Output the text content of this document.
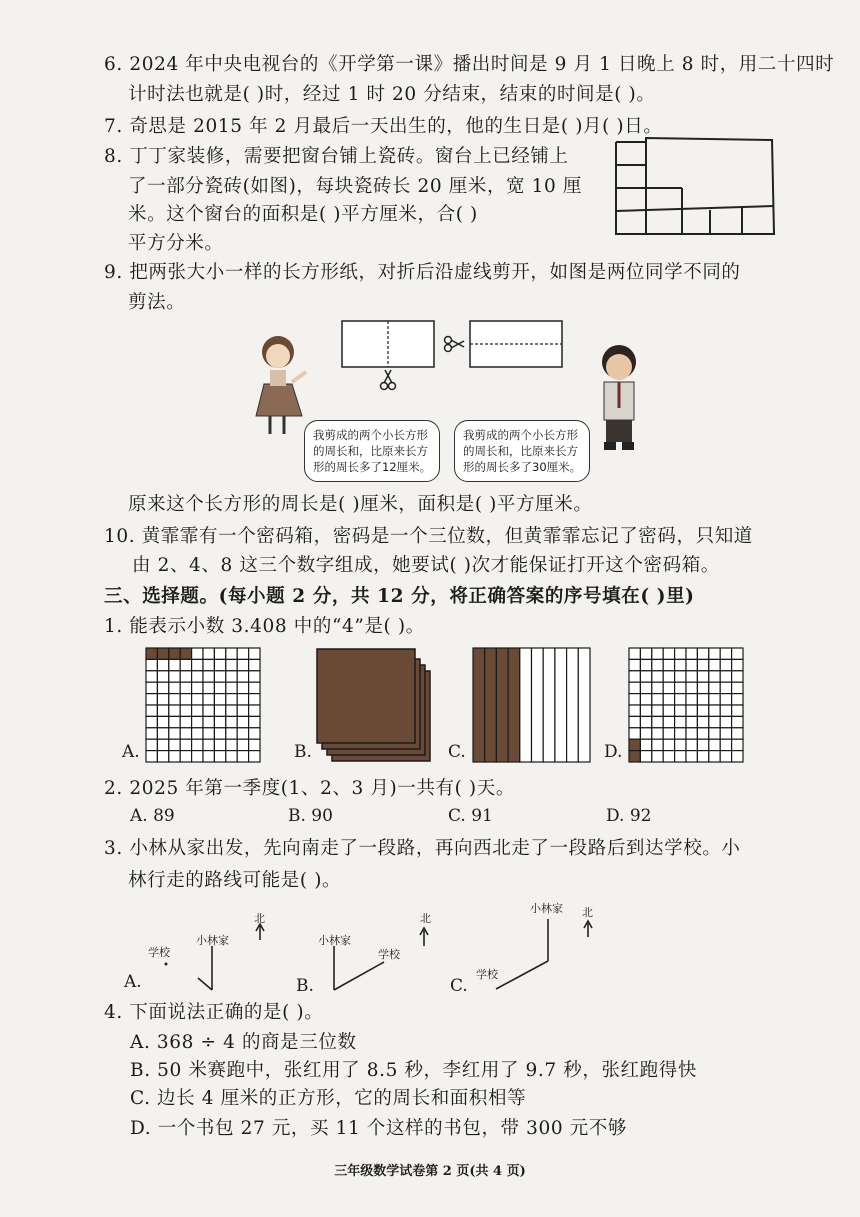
6. 2024 年中央电视台的《开学第一课》播出时间是 9 月 1 日晚上 8 时，用二十四时
计时法也就是( )时，经过 1 时 20 分结束，结束的时间是( )。
7. 奇思是 2015 年 2 月最后一天出生的，他的生日是( )月( )日。
8. 丁丁家装修，需要把窗台铺上瓷砖。窗台上已经铺上
了一部分瓷砖(如图)，每块瓷砖长 20 厘米，宽 10 厘
米。这个窗台的面积是( )平方厘米，合( )
平方分米。
9. 把两张大小一样的长方形纸，对折后沿虚线剪开，如图是两位同学不同的
剪法。
我剪成的两个小长方形
的周长和，比原来长方
形的周长多了12厘米。
我剪成的两个小长方形
的周长和，比原来长方
形的周长多了30厘米。
原来这个长方形的周长是( )厘米，面积是( )平方厘米。
10. 黄霏霏有一个密码箱，密码是一个三位数，但黄霏霏忘记了密码，只知道
由 2、4、8 这三个数字组成，她要试( )次才能保证打开这个密码箱。
三、选择题。(每小题 2 分，共 12 分，将正确答案的序号填在( )里)
1. 能表示小数 3.408 中的“4”是( )。
A.	B.	C.	D.
2. 2025 年第一季度(1、2、3 月)一共有( )天。
A. 89	B. 90	C. 91	D. 92
3. 小林从家出发，先向南走了一段路，再向西北走了一段路后到达学校。小
林行走的路线可能是( )。
A.
学校
小林家
北
B.
小林家
学校
北
C.
学校
小林家 北
4. 下面说法正确的是( )。
A. 368 ÷ 4 的商是三位数
B. 50 米赛跑中，张红用了 8.5 秒，李红用了 9.7 秒，张红跑得快
C. 边长 4 厘米的正方形，它的周长和面积相等
D. 一个书包 27 元，买 11 个这样的书包，带 300 元不够
三年级数学试卷第 2 页(共 4 页)
